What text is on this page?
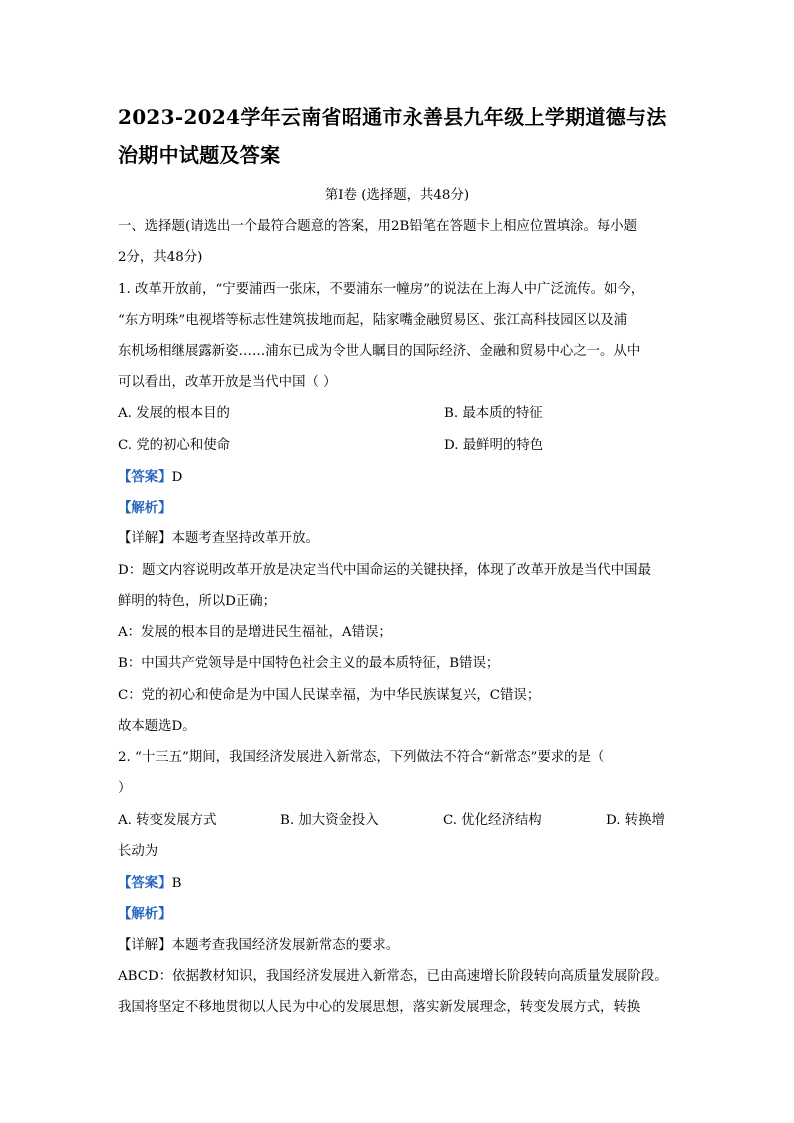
2023-2024学年云南省昭通市永善县九年级上学期道德与法
治期中试题及答案
第Ⅰ卷 (选择题，共48分)
一、选择题(请选出一个最符合题意的答案，用2B铅笔在答题卡上相应位置填涂。每小题
2分，共48分)
1. 改革开放前，“宁要浦西一张床，不要浦东一幢房”的说法在上海人中广泛流传。如今，
“东方明珠”电视塔等标志性建筑拔地而起，陆家嘴金融贸易区、张江高科技园区以及浦
东机场相继展露新姿……浦东已成为令世人瞩目的国际经济、金融和贸易中心之一。从中
可以看出，改革开放是当代中国（ ）
A. 发展的根本目的	B. 最本质的特征
C. 党的初心和使命	D. 最鲜明的特色
【答案】D
【解析】
【详解】本题考查坚持改革开放。
D：题文内容说明改革开放是决定当代中国命运的关键抉择，体现了改革开放是当代中国最
鲜明的特色，所以D正确；
A：发展的根本目的是增进民生福祉，A错误；
B：中国共产党领导是中国特色社会主义的最本质特征，B错误；
C：党的初心和使命是为中国人民谋幸福，为中华民族谋复兴，C错误；
故本题选D。
2. “十三五”期间，我国经济发展进入新常态，下列做法不符合“新常态”要求的是（
）
A. 转变发展方式	B. 加大资金投入	C. 优化经济结构	D. 转换增
长动为
【答案】B
【解析】
【详解】本题考查我国经济发展新常态的要求。
ABCD：依据教材知识，我国经济发展进入新常态，已由高速增长阶段转向高质量发展阶段。
我国将坚定不移地贯彻以人民为中心的发展思想，落实新发展理念，转变发展方式，转换
